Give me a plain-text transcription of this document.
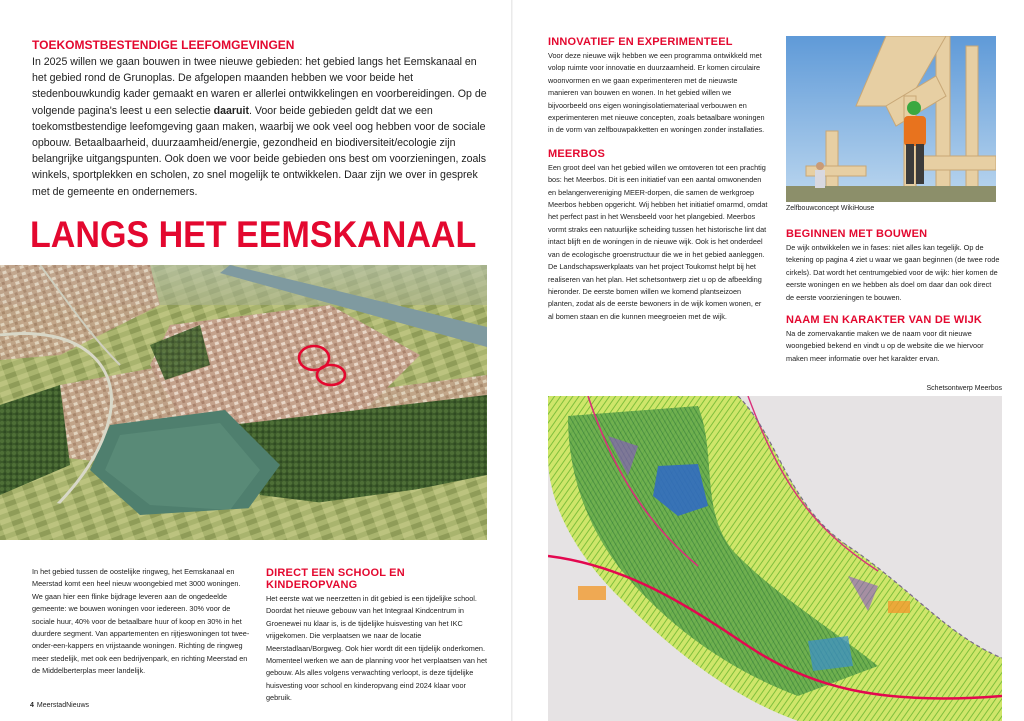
TOEKOMSTBESTENDIGE LEEFOMGEVINGEN

In 2025 willen we gaan bouwen in twee nieuwe gebieden: het gebied langs het Eemskanaal en het gebied rond de Grunoplas. De afgelopen maanden hebben we voor beide het stedenbouwkundig kader gemaakt en waren er allerlei ontwikkelingen en voorbereidingen. Op de volgende pagina's leest u een selectie daaruit. Voor beide gebieden geldt dat we een toekomstbestendige leefomgeving gaan maken, waarbij we ook veel oog hebben voor de sociale opbouw. Betaalbaarheid, duurzaamheid/energie, gezondheid en biodiversiteit/ecologie zijn belangrijke uitgangspunten. Ook doen we voor beide gebieden ons best om voorzieningen, zoals winkels, sportplekken en scholen, zo snel mogelijk te ontwikkelen. Daar zijn we over in gesprek met de gemeente en ondernemers.

LANGS HET EEMSKANAAL

In het gebied tussen de oostelijke ringweg, het Eemskanaal en Meerstad komt een heel nieuw woongebied met 3000 woningen. We gaan hier een flinke bijdrage leveren aan de ongedeelde gemeente: we bouwen woningen voor iedereen. 30% voor de sociale huur, 40% voor de betaalbare huur of koop en 30% in het duurdere segment. Van appartementen en rijtjeswoningen tot twee-onder-een-kappers en vrijstaande woningen. Richting de ringweg meer stedelijk, met ook een bedrijvenpark, en richting Meerstad en de Middelberterplas meer landelijk.

DIRECT EEN SCHOOL EN KINDEROPVANG

Het eerste wat we neerzetten in dit gebied is een tijdelijke school. Doordat het nieuwe gebouw van het Integraal Kindcentrum in Groenewei nu klaar is, is de tijdelijke huisvesting van het IKC vrijgekomen. Die verplaatsen we naar de locatie Meerstadlaan/Borgweg. Ook hier wordt dit een tijdelijk onderkomen. Momenteel werken we aan de planning voor het verplaatsen van het gebouw. Als alles volgens verwachting verloopt, is deze tijdelijke huisvesting voor school en kinderopvang eind 2024 klaar voor gebruik.

4 MeerstadNieuws
INNOVATIEF EN EXPERIMENTEEL

Voor deze nieuwe wijk hebben we een programma ontwikkeld met volop ruimte voor innovatie en duurzaamheid. Er komen circulaire woonvormen en we gaan experimenteren met de nieuwste manieren van bouwen en wonen. In het gebied willen we bijvoorbeeld ons eigen woningisolatiemateriaal verbouwen en experimenteren met nieuwe concepten, zoals betaalbare woningen in de vorm van zelfbouwpakketten en woningen zonder installaties.

MEERBOS

Een groot deel van het gebied willen we omtoveren tot een prachtig bos: het Meerbos. Dit is een initiatief van een aantal omwonenden en belangenvereniging MEER-dorpen, die samen de werkgroep Meerbos hebben opgericht. Wij hebben het initiatief omarmd, omdat het perfect past in het Wensbeeld voor het plangebied. Meerbos vormt straks een natuurlijke scheiding tussen het historische lint dat intact blijft en de woningen in de nieuwe wijk. Ook is het onderdeel van de ecologische groenstructuur die we in het gebied aanleggen. De Landschapswerkplaats van het project Toukomst helpt bij het realiseren van het plan. Het schetsontwerp ziet u op de afbeelding hieronder. De eerste bomen willen we komend plantseizoen planten, zodat als de eerste bewoners in de wijk komen wonen, er al bomen staan en die kunnen meegroeien met de wijk.

Zelfbouwconcept WikiHouse
BEGINNEN MET BOUWEN

De wijk ontwikkelen we in fases: niet alles kan tegelijk. Op de tekening op pagina 4 ziet u waar we gaan beginnen (de twee rode cirkels). Dat wordt het centrumgebied voor de wijk: hier komen de eerste woningen en we hebben als doel om daar dan ook direct de eerste voorzieningen te bouwen.

NAAM EN KARAKTER VAN DE WIJK

Na de zomervakantie maken we de naam voor dit nieuwe woongebied bekend en vindt u op de website die we hiervoor maken meer informatie over het karakter ervan.

Schetsontwerp Meerbos
